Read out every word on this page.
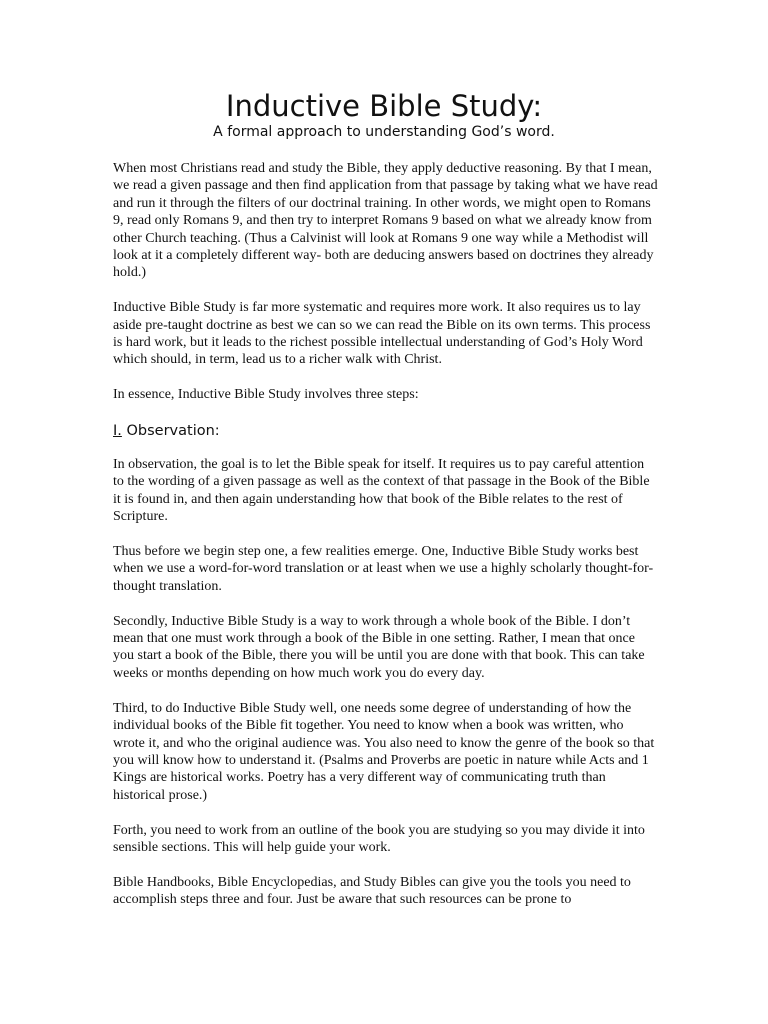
Inductive Bible Study:
A formal approach to understanding God’s word.

When most Christians read and study the Bible, they apply deductive reasoning. By that I mean, we read a given passage and then find application from that passage by taking what we have read and run it through the filters of our doctrinal training. In other words, we might open to Romans 9, read only Romans 9, and then try to interpret Romans 9 based on what we already know from other Church teaching. (Thus a Calvinist will look at Romans 9 one way while a Methodist will look at it a completely different way- both are deducing answers based on doctrines they already hold.)

Inductive Bible Study is far more systematic and requires more work. It also requires us to lay aside pre-taught doctrine as best we can so we can read the Bible on its own terms. This process is hard work, but it leads to the richest possible intellectual understanding of God’s Holy Word which should, in term, lead us to a richer walk with Christ.

In essence, Inductive Bible Study involves three steps:

I. Observation:

In observation, the goal is to let the Bible speak for itself. It requires us to pay careful attention to the wording of a given passage as well as the context of that passage in the Book of the Bible it is found in, and then again understanding how that book of the Bible relates to the rest of Scripture.

Thus before we begin step one, a few realities emerge. One, Inductive Bible Study works best when we use a word-for-word translation or at least when we use a highly scholarly thought-for-thought translation.

Secondly, Inductive Bible Study is a way to work through a whole book of the Bible. I don’t mean that one must work through a book of the Bible in one setting. Rather, I mean that once you start a book of the Bible, there you will be until you are done with that book. This can take weeks or months depending on how much work you do every day.

Third, to do Inductive Bible Study well, one needs some degree of understanding of how the individual books of the Bible fit together. You need to know when a book was written, who wrote it, and who the original audience was. You also need to know the genre of the book so that you will know how to understand it. (Psalms and Proverbs are poetic in nature while Acts and 1 Kings are historical works. Poetry has a very different way of communicating truth than historical prose.)

Forth, you need to work from an outline of the book you are studying so you may divide it into sensible sections. This will help guide your work.

Bible Handbooks, Bible Encyclopedias, and Study Bibles can give you the tools you need to accomplish steps three and four. Just be aware that such resources can be prone to
